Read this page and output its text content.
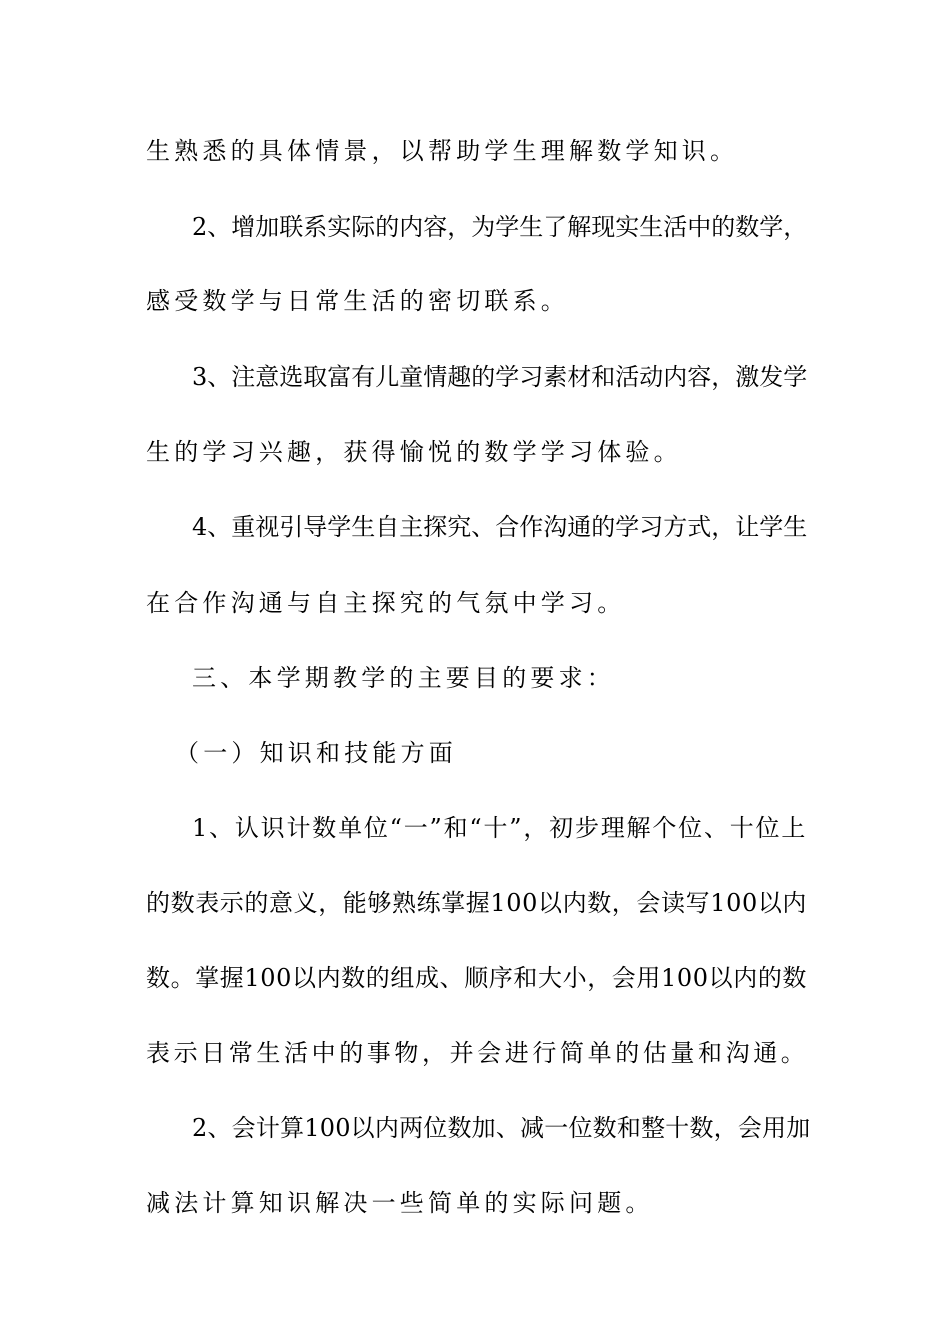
生熟悉的具体情景，以帮助学生理解数学知识。

2、增加联系实际的内容，为学生了解现实生活中的数学，

感受数学与日常生活的密切联系。

3、注意选取富有儿童情趣的学习素材和活动内容，激发学

生的学习兴趣，获得愉悦的数学学习体验。

4、重视引导学生自主探究、合作沟通的学习方式，让学生

在合作沟通与自主探究的气氛中学习。

三、本学期教学的主要目的要求：

（一）知识和技能方面

1、认识计数单位“一”和“十”，初步理解个位、十位上

的数表示的意义，能够熟练掌握100以内数，会读写100以内

数。掌握100以内数的组成、顺序和大小，会用100以内的数

表示日常生活中的事物，并会进行简单的估量和沟通。

2、会计算100以内两位数加、减一位数和整十数，会用加

减法计算知识解决一些简单的实际问题。
